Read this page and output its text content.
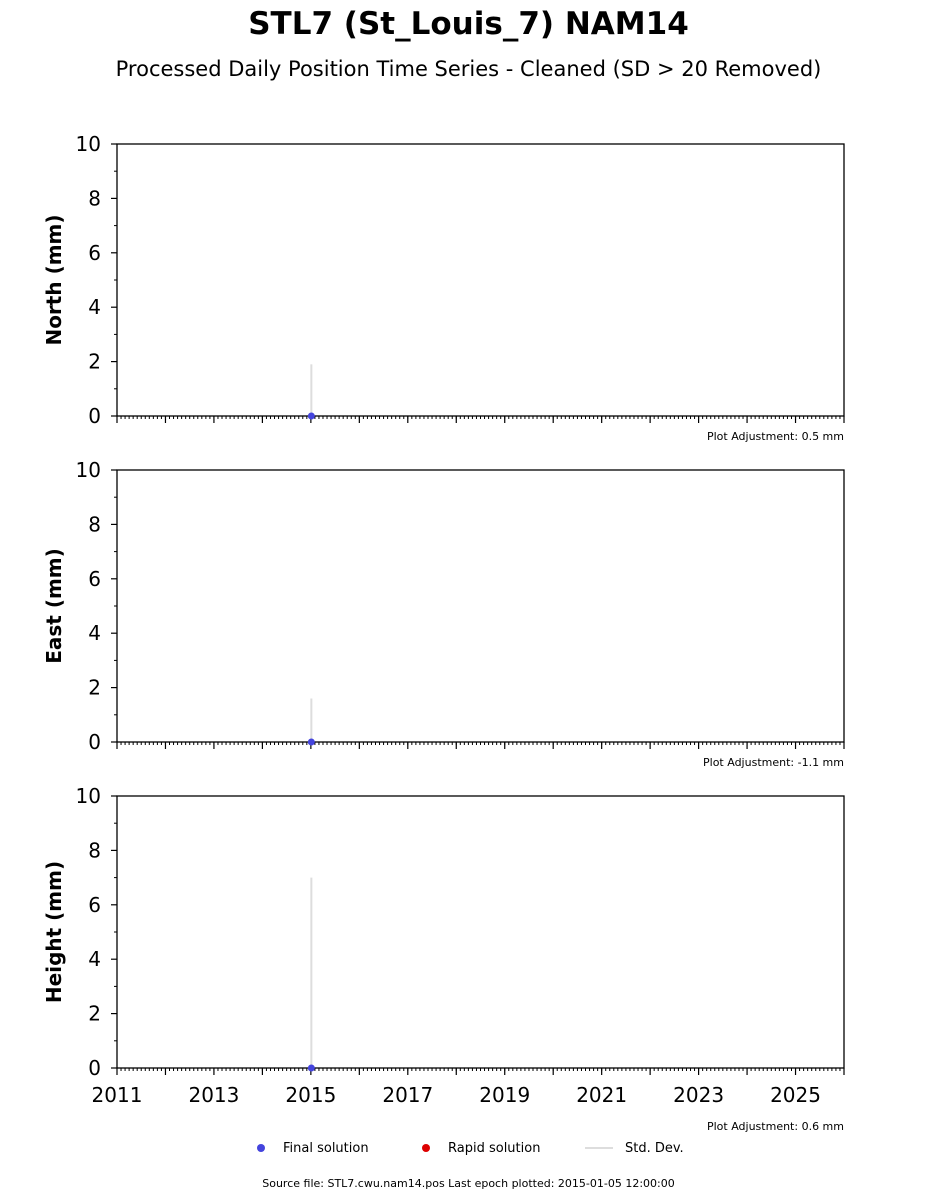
STL7 (St_Louis_7) NAM14
Processed Daily Position Time Series - Cleaned (SD > 20 Removed)
0
2
4
6
8
10
North (mm)
Plot Adjustment: 0.5 mm
0
2
4
6
8
10
East (mm)
Plot Adjustment: -1.1 mm
0
2
4
6
8
10
2011 2013 2015 2017 2019 2021 2023 2025
Height (mm)
Plot Adjustment: 0.6 mm
Final solution	Rapid solution	Std. Dev.
Source file: STL7.cwu.nam14.pos Last epoch plotted: 2015-01-05 12:00:00
